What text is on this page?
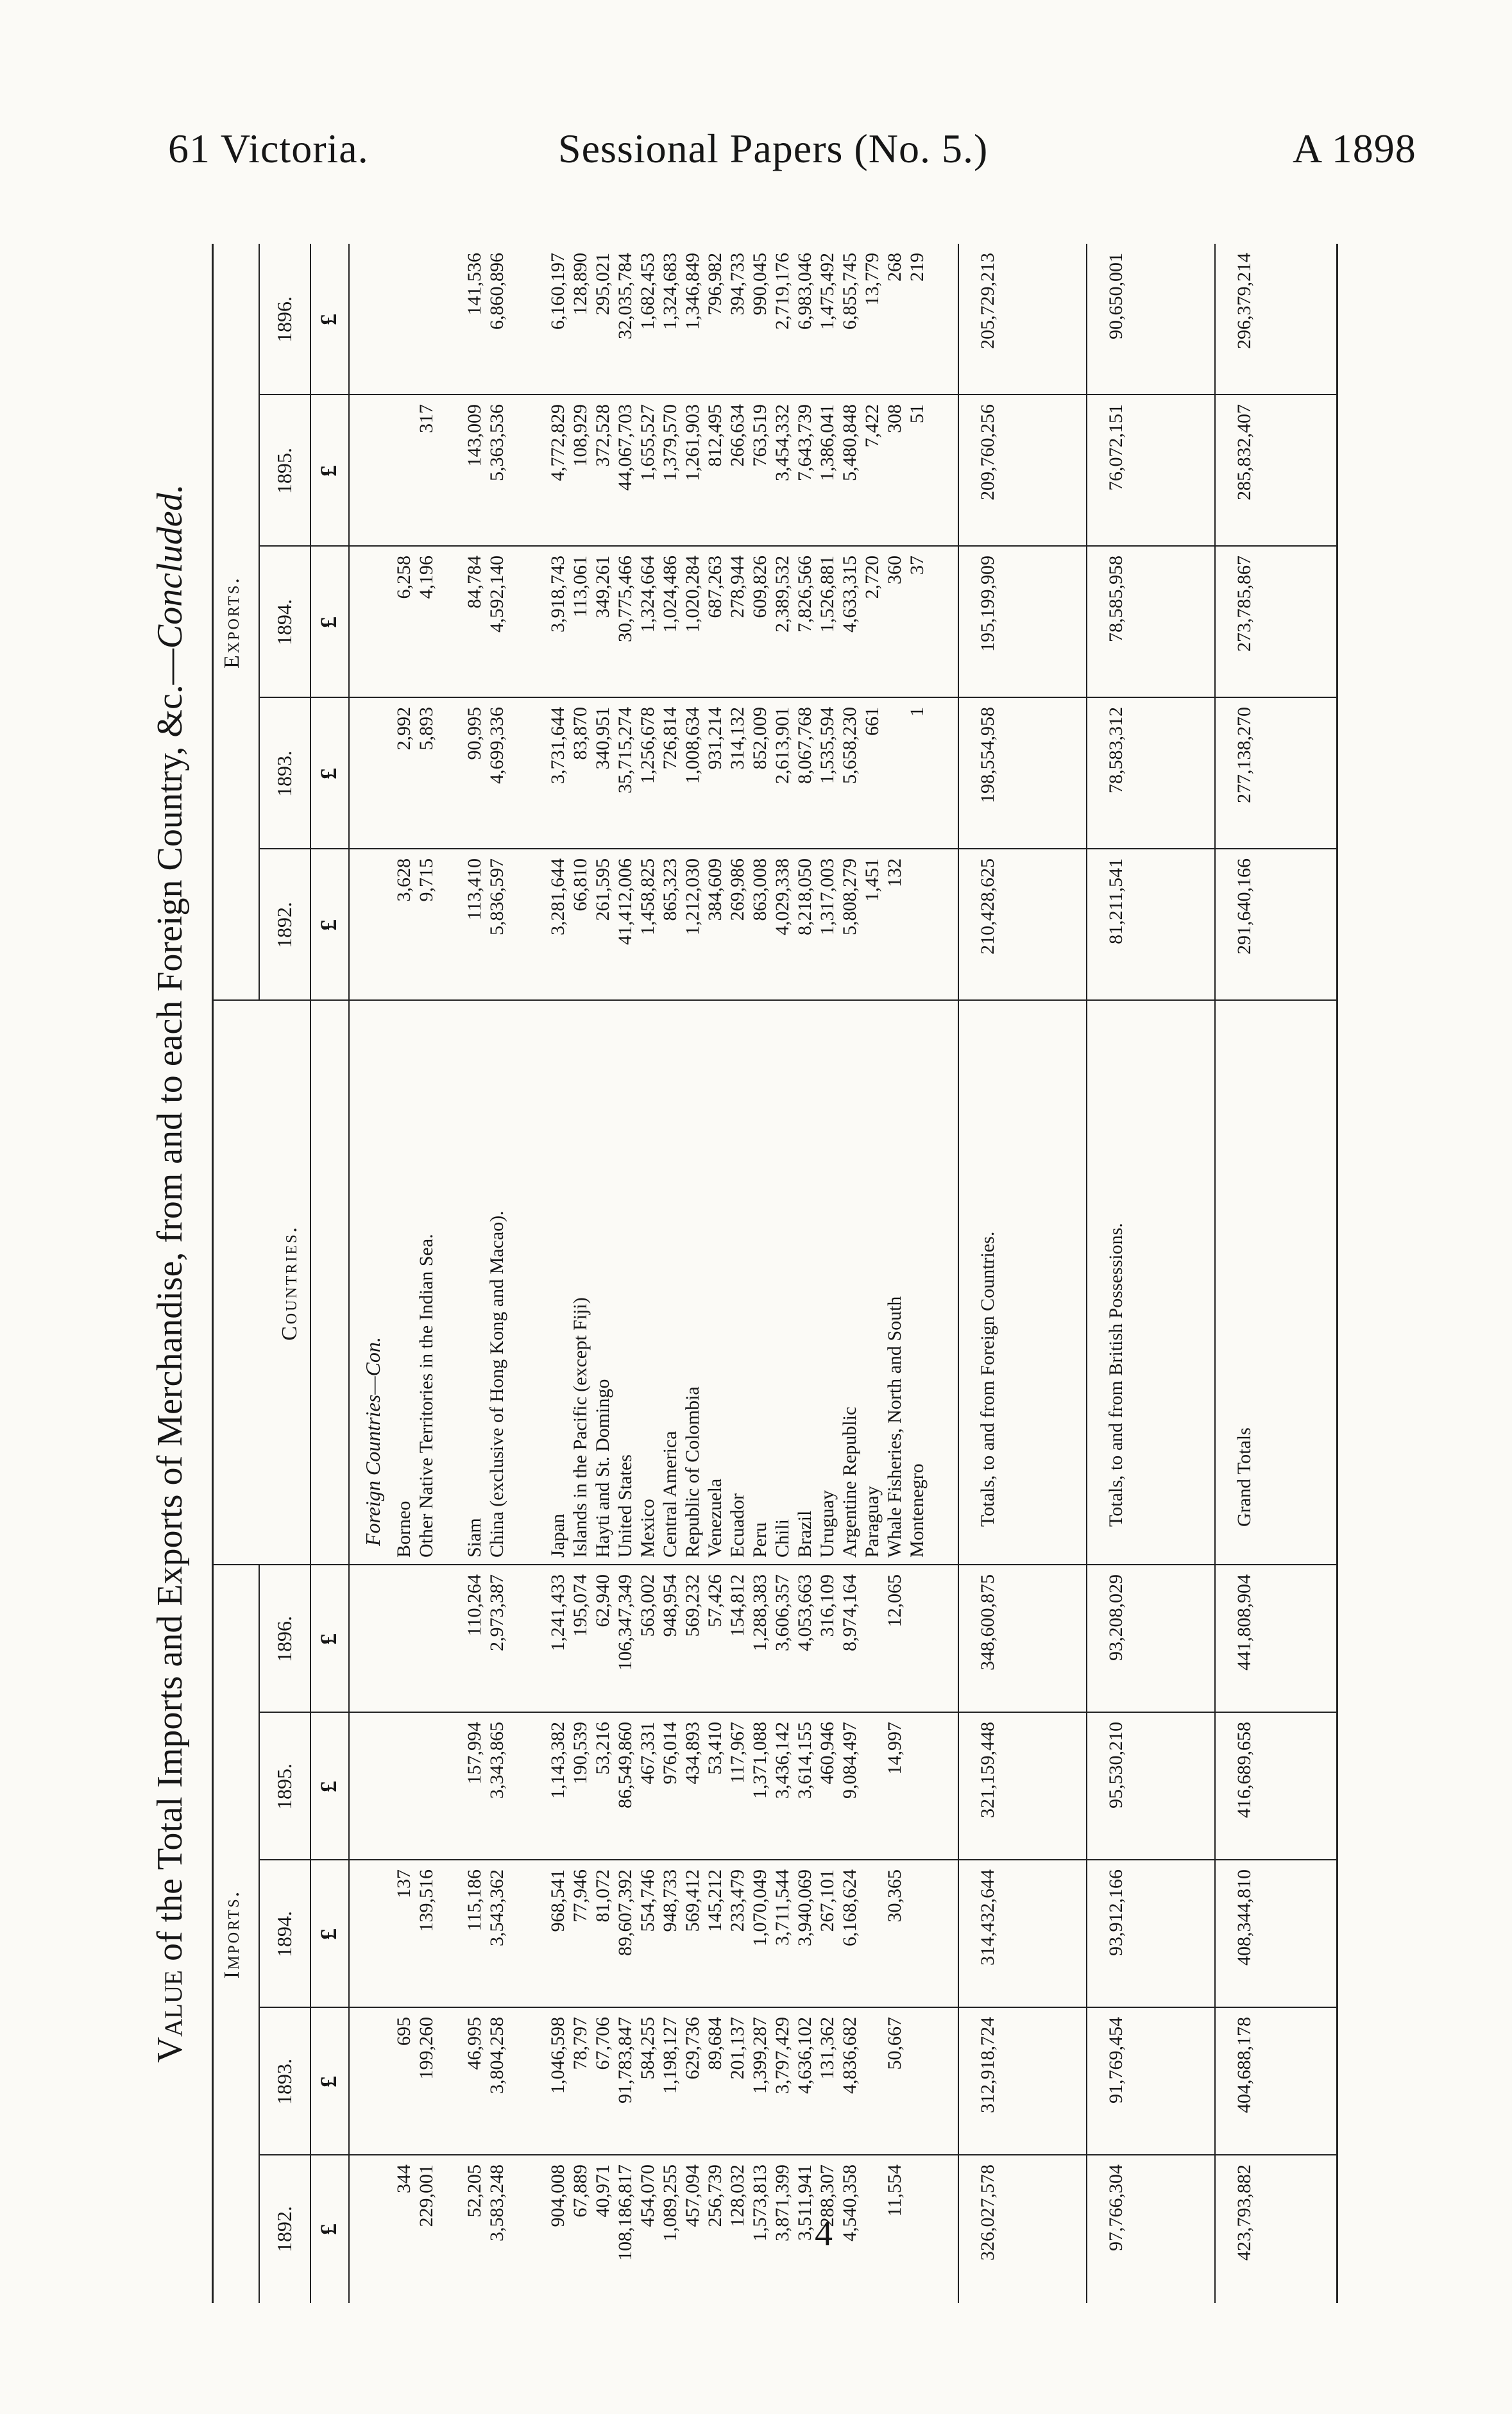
61 Victoria.	Sessional Papers (No. 5.)	A 1898
Value of the Total Imports and Exports of Merchandise, from and to each Foreign Country, &c.—Concluded.
Imports.
Countries.
Exports.
Foreign Countries—Con.
1892.
1892.
£
£
1893.
1893.
£
£
1894.
1894.
£
£
1895.
1895.
£
£
1896.
1896.
£
£
Borneo
344
695
137
3,628
2,992
6,258
Other Native Territories in the Indian Sea.
229,001
199,260
139,516
9,715
5,893
4,196
317
Siam
52,205
46,995
115,186
157,994
110,264
113,410
90,995
84,784
143,009
141,536
China (exclusive of Hong Kong and Macao).
3,583,248
3,804,258
3,543,362
3,343,865
2,973,387
5,836,597
4,699,336
4,592,140
5,363,536
6,860,896
Japan
904,008
1,046,598
968,541
1,143,382
1,241,433
3,281,644
3,731,644
3,918,743
4,772,829
6,160,197
Islands in the Pacific (except Fiji)
67,889
78,797
77,946
190,539
195,074
66,810
83,870
113,061
108,929
128,890
Hayti and St. Domingo
40,971
67,706
81,072
53,216
62,940
261,595
340,951
349,261
372,528
295,021
United States
108,186,817
91,783,847
89,607,392
86,549,860
106,347,349
41,412,006
35,715,274
30,775,466
44,067,703
32,035,784
Mexico
454,070
584,255
554,746
467,331
563,002
1,458,825
1,256,678
1,324,664
1,655,527
1,682,453
Central America
1,089,255
1,198,127
948,733
976,014
948,954
865,323
726,814
1,024,486
1,379,570
1,324,683
Republic of Colombia
457,094
629,736
569,412
434,893
569,232
1,212,030
1,008,634
1,020,284
1,261,903
1,346,849
Venezuela
256,739
89,684
145,212
53,410
57,426
384,609
931,214
687,263
812,495
796,982
Ecuador
128,032
201,137
233,479
117,967
154,812
269,986
314,132
278,944
266,634
394,733
Peru
1,573,813
1,399,287
1,070,049
1,371,088
1,288,383
863,008
852,009
609,826
763,519
990,045
Chili
3,871,399
3,797,429
3,711,544
3,436,142
3,606,357
4,029,338
2,613,901
2,389,532
3,454,332
2,719,176
Brazil
3,511,941
4,636,102
3,940,069
3,614,155
4,053,663
8,218,050
8,067,768
7,826,566
7,643,739
6,983,046
Uruguay
288,307
131,362
267,101
460,946
316,109
1,317,003
1,535,594
1,526,881
1,386,041
1,475,492
Argentine Republic
4,540,358
4,836,682
6,168,624
9,084,497
8,974,164
5,808,279
5,658,230
4,633,315
5,480,848
6,855,745
Paraguay
1,451
661
2,720
7,422
13,779
Whale Fisheries, North and South
11,554
50,667
30,365
14,997
12,065
132
360
308
268
Montenegro
1
37
51
219
Totals, to and from Foreign Countries.
326,027,578
312,918,724
314,432,644
321,159,448
348,600,875
210,428,625
198,554,958
195,199,909
209,760,256
205,729,213
Totals, to and from British Possessions.
97,766,304
91,769,454
93,912,166
95,530,210
93,208,029
81,211,541
78,583,312
78,585,958
76,072,151
90,650,001
Grand Totals
423,793,882
404,688,178
408,344,810
416,689,658
441,808,904
291,640,166
277,138,270
273,785,867
285,832,407
296,379,214
4
